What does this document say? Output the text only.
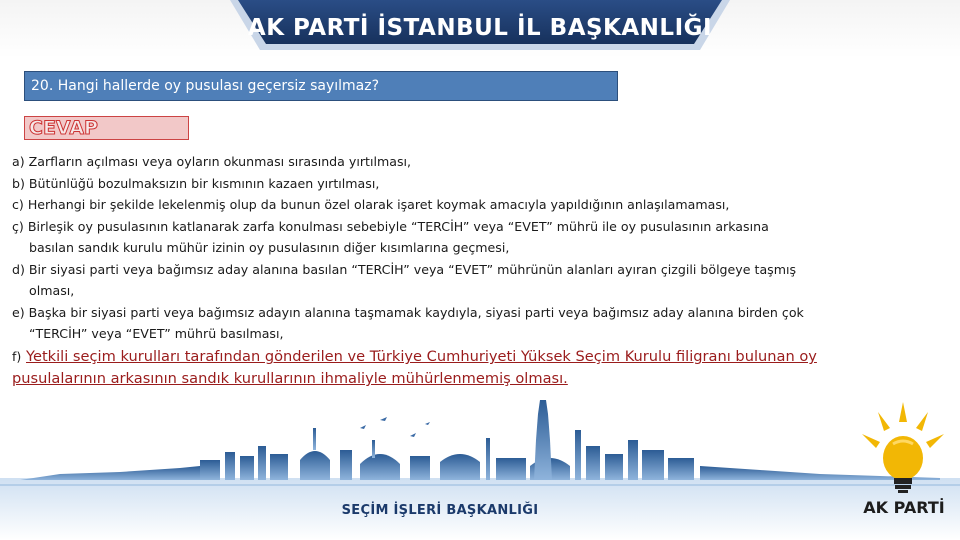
AK PARTİ İSTANBUL İL BAŞKANLIĞI
20. Hangi hallerde oy pusulası geçersiz sayılmaz?
CEVAP

a) Zarfların açılması veya oyların okunması sırasında yırtılması,

b) Bütünlüğü bozulmaksızın bir kısmının kazaen yırtılması,

c) Herhangi bir şekilde lekelenmiş olup da bunun özel olarak işaret koymak amacıyla yapıldığının anlaşılamaması,

ç) Birleşik oy pusulasının katlanarak zarfa konulması sebebiyle “TERCİH” veya “EVET” mührü ile oy pusulasının arkasına
basılan sandık kurulu mühür izinin oy pusulasının diğer kısımlarına geçmesi,

d) Bir siyasi parti veya bağımsız aday alanına basılan “TERCİH” veya “EVET” mührünün alanları ayıran çizgili bölgeye taşmış
olması,

e) Başka bir siyasi parti veya bağımsız adayın alanına taşmamak kaydıyla, siyasi parti veya bağımsız aday alanına birden çok
“TERCİH” veya “EVET” mührü basılması,

f) Yetkili seçim kurulları tarafından gönderilen ve Türkiye Cumhuriyeti Yüksek Seçim Kurulu filigranı bulunan oy
pusulalarının arkasının sandık kurullarının ihmaliyle mühürlenmemiş olması.
SEÇİM İŞLERİ BAŞKANLIĞI	AK PARTİ
